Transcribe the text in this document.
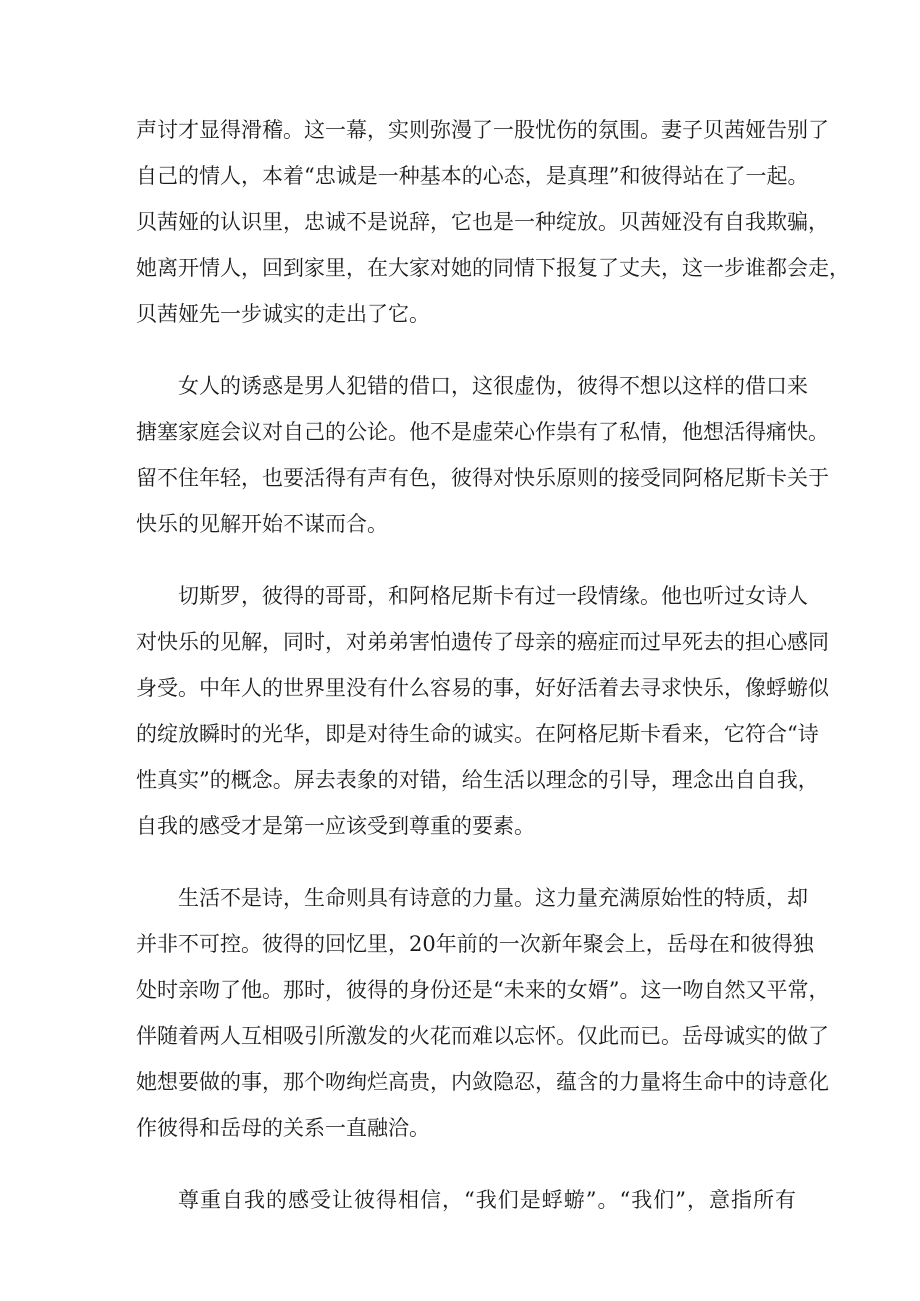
声讨才显得滑稽。这一幕，实则弥漫了一股忧伤的氛围。妻子贝茜娅告别了
自己的情人，本着“忠诚是一种基本的心态，是真理”和彼得站在了一起。
贝茜娅的认识里，忠诚不是说辞，它也是一种绽放。贝茜娅没有自我欺骗，
她离开情人，回到家里，在大家对她的同情下报复了丈夫，这一步谁都会走，
贝茜娅先一步诚实的走出了它。
女人的诱惑是男人犯错的借口，这很虚伪，彼得不想以这样的借口来
搪塞家庭会议对自己的公论。他不是虚荣心作祟有了私情，他想活得痛快。
留不住年轻，也要活得有声有色，彼得对快乐原则的接受同阿格尼斯卡关于
快乐的见解开始不谋而合。
切斯罗，彼得的哥哥，和阿格尼斯卡有过一段情缘。他也听过女诗人
对快乐的见解，同时，对弟弟害怕遗传了母亲的癌症而过早死去的担心感同
身受。中年人的世界里没有什么容易的事，好好活着去寻求快乐，像蜉蝣似
的绽放瞬时的光华，即是对待生命的诚实。在阿格尼斯卡看来，它符合“诗
性真实”的概念。屏去表象的对错，给生活以理念的引导，理念出自自我，
自我的感受才是第一应该受到尊重的要素。
生活不是诗，生命则具有诗意的力量。这力量充满原始性的特质，却
并非不可控。彼得的回忆里，20年前的一次新年聚会上，岳母在和彼得独
处时亲吻了他。那时，彼得的身份还是“未来的女婿”。这一吻自然又平常，
伴随着两人互相吸引所激发的火花而难以忘怀。仅此而已。岳母诚实的做了
她想要做的事，那个吻绚烂高贵，内敛隐忍，蕴含的力量将生命中的诗意化
作彼得和岳母的关系一直融洽。
尊重自我的感受让彼得相信，“我们是蜉蝣”。“我们”，意指所有
